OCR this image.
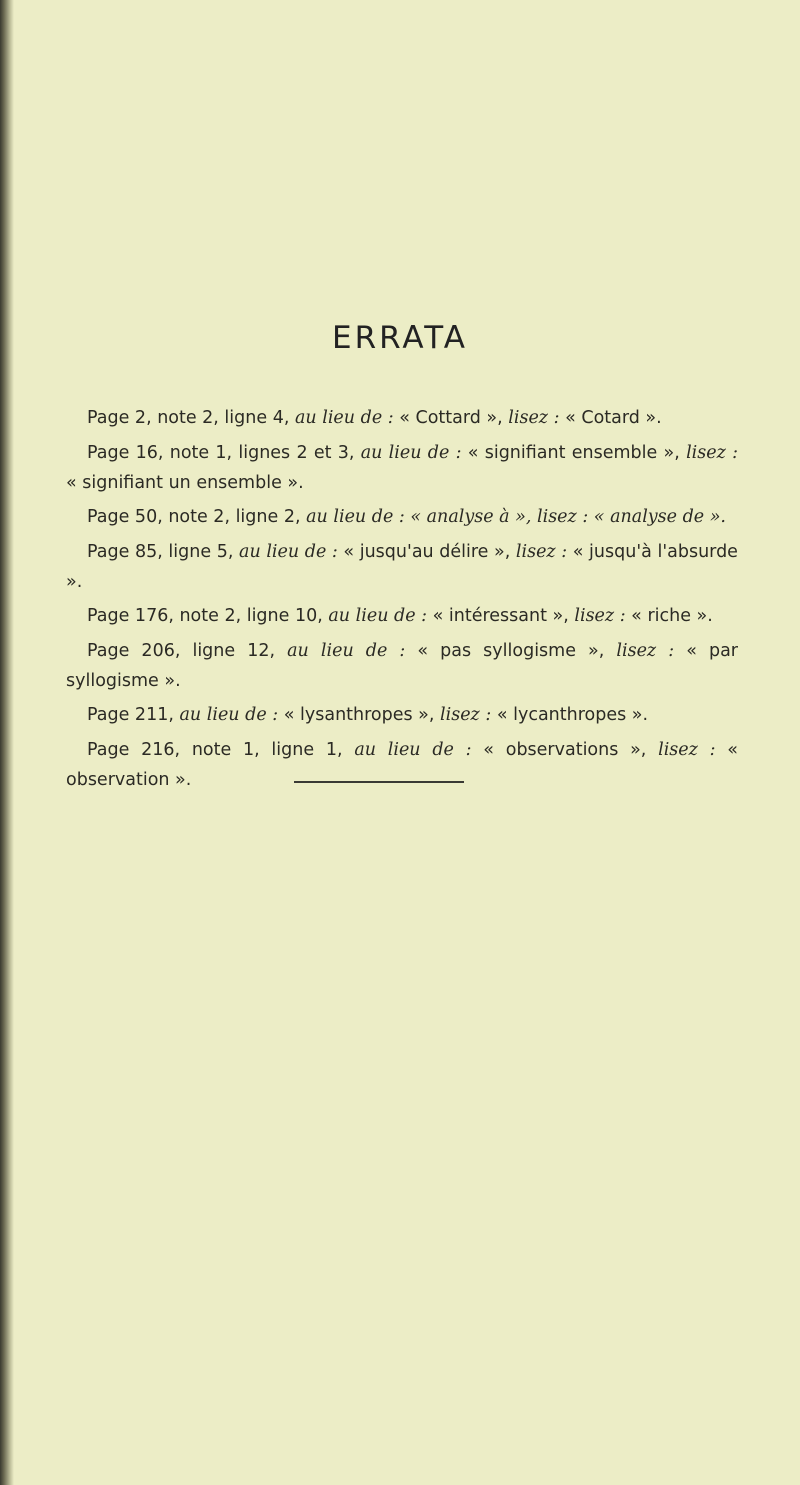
ERRATA

Page 2, note 2, ligne 4, au lieu de : « Cottard », lisez : « Cotard ».

Page 16, note 1, lignes 2 et 3, au lieu de : « signifiant ensemble », lisez : « signifiant un ensemble ».

Page 50, note 2, ligne 2, au lieu de : « analyse à », lisez : « analyse de ».

Page 85, ligne 5, au lieu de : « jusqu'au délire », lisez : « jusqu'à l'absurde ».

Page 176, note 2, ligne 10, au lieu de : « intéressant », lisez : « riche ».

Page 206, ligne 12, au lieu de : « pas syllogisme », lisez : « par syllogisme ».

Page 211, au lieu de : « lysanthropes », lisez : « lycanthropes ».

Page 216, note 1, ligne 1, au lieu de : « observations », lisez : « observation ».
